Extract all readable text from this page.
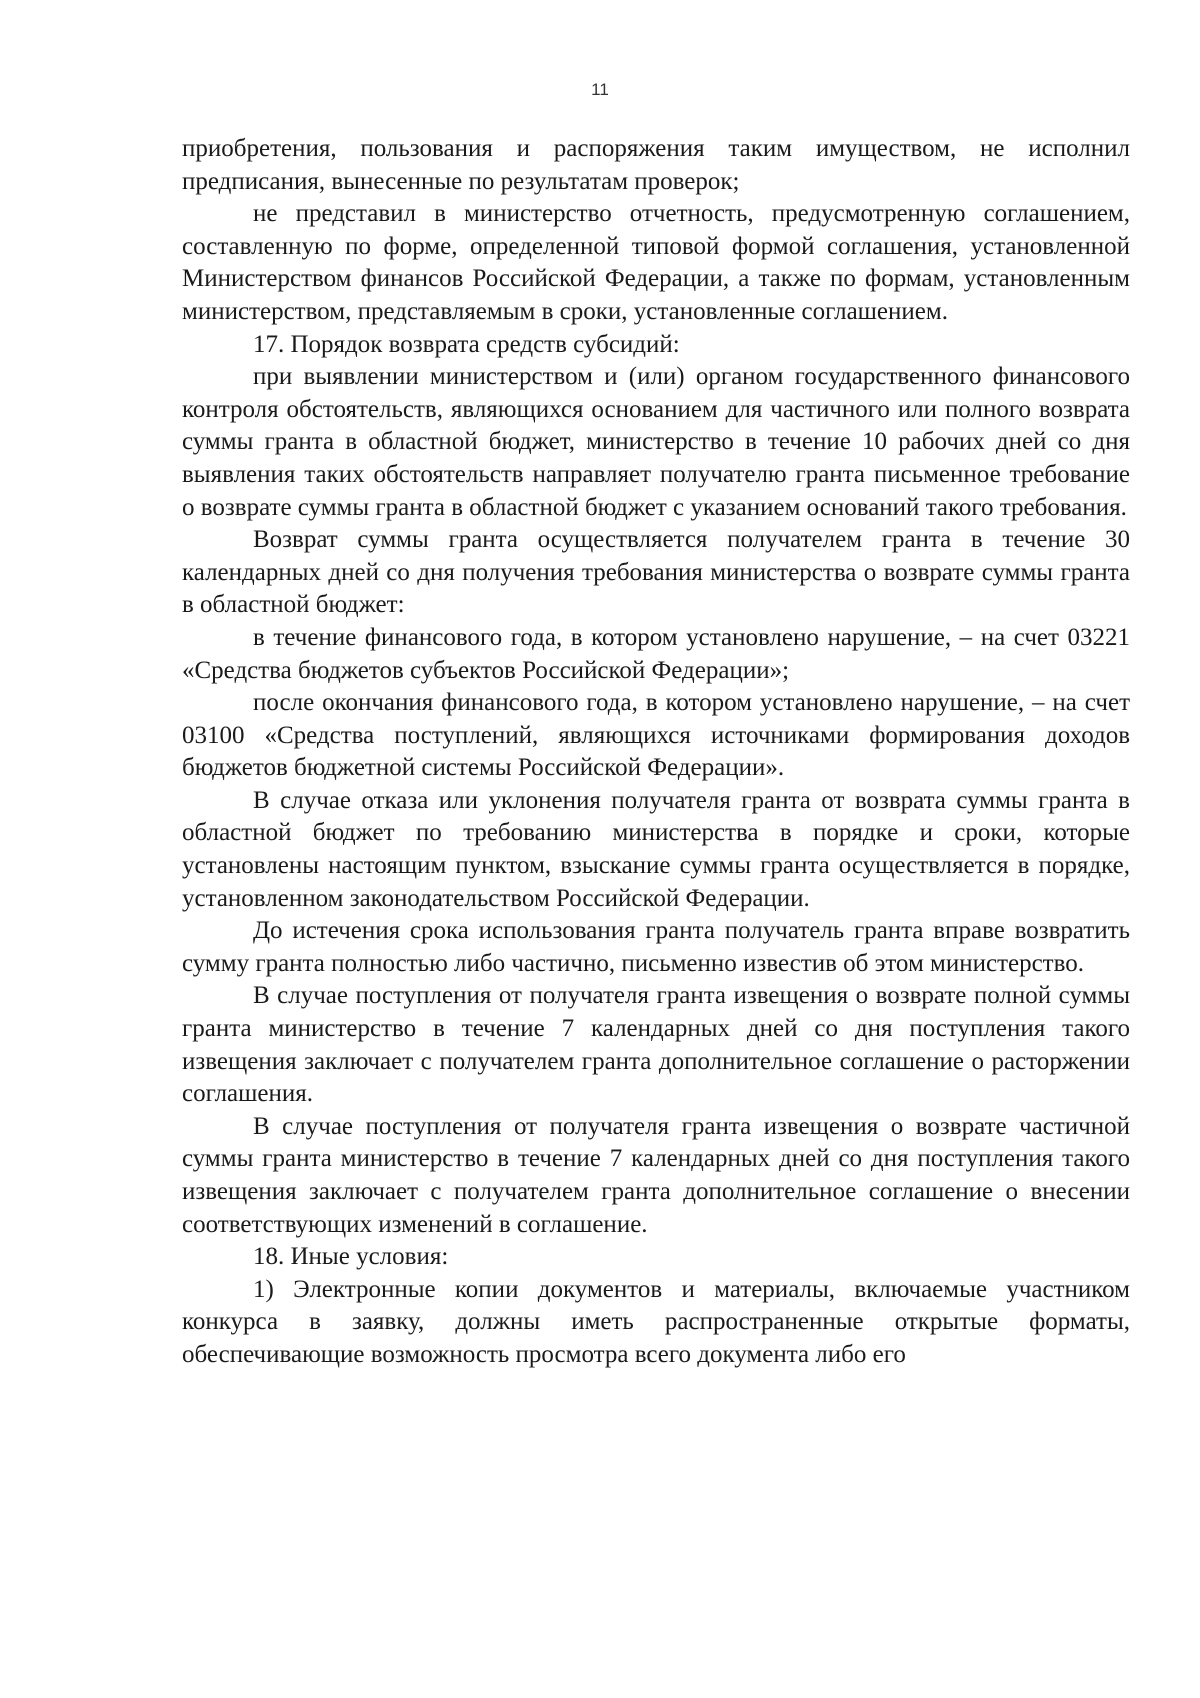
11

приобретения, пользования и распоряжения таким имуществом, не исполнил предписания, вынесенные по результатам проверок;

не представил в министерство отчетность, предусмотренную соглашением, составленную по форме, определенной типовой формой соглашения, установленной Министерством финансов Российской Федерации, а также по формам, установленным министерством, представляемым в сроки, установленные соглашением.

17. Порядок возврата средств субсидий:

при выявлении министерством и (или) органом государственного финансового контроля обстоятельств, являющихся основанием для частичного или полного возврата суммы гранта в областной бюджет, министерство в течение 10 рабочих дней со дня выявления таких обстоятельств направляет получателю гранта письменное требование о возврате суммы гранта в областной бюджет с указанием оснований такого требования.

Возврат суммы гранта осуществляется получателем гранта в течение 30 календарных дней со дня получения требования министерства о возврате суммы гранта в областной бюджет:

в течение финансового года, в котором установлено нарушение, – на счет 03221 «Средства бюджетов субъектов Российской Федерации»;

после окончания финансового года, в котором установлено нарушение, – на счет 03100 «Средства поступлений, являющихся источниками формирования доходов бюджетов бюджетной системы Российской Федерации».

В случае отказа или уклонения получателя гранта от возврата суммы гранта в областной бюджет по требованию министерства в порядке и сроки, которые установлены настоящим пунктом, взыскание суммы гранта осуществляется в порядке, установленном законодательством Российской Федерации.

До истечения срока использования гранта получатель гранта вправе возвратить сумму гранта полностью либо частично, письменно известив об этом министерство.

В случае поступления от получателя гранта извещения о возврате полной суммы гранта министерство в течение 7 календарных дней со дня поступления такого извещения заключает с получателем гранта дополнительное соглашение о расторжении соглашения.

В случае поступления от получателя гранта извещения о возврате частичной суммы гранта министерство в течение 7 календарных дней со дня поступления такого извещения заключает с получателем гранта дополнительное соглашение о внесении соответствующих изменений в соглашение.

18. Иные условия:

1) Электронные копии документов и материалы, включаемые участником конкурса в заявку, должны иметь распространенные открытые форматы, обеспечивающие возможность просмотра всего документа либо его
